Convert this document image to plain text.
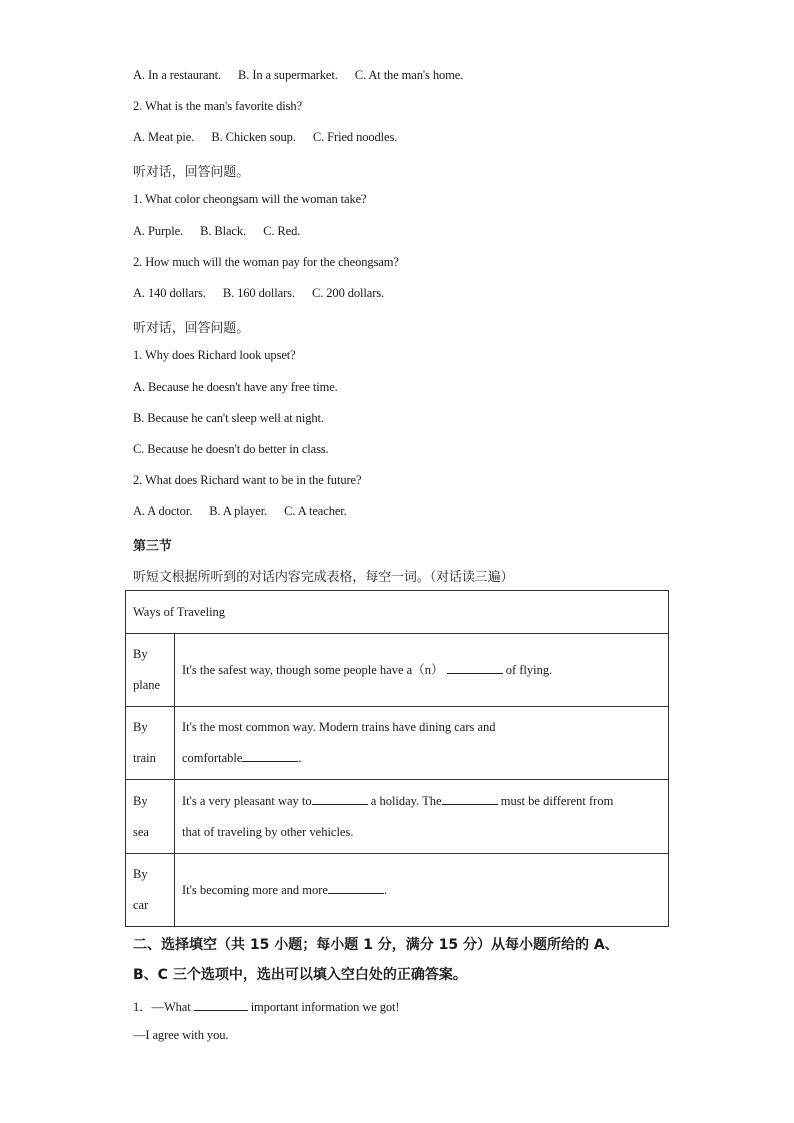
A. In a restaurant. B. In a supermarket. C. At the man's home.
2. What is the man's favorite dish?
A. Meat pie. B. Chicken soup. C. Fried noodles.
听对话，回答问题。
1. What color cheongsam will the woman take?
A. Purple. B. Black. C. Red.
2. How much will the woman pay for the cheongsam?
A. 140 dollars. B. 160 dollars. C. 200 dollars.
听对话，回答问题。
1. Why does Richard look upset?
A. Because he doesn't have any free time.
B. Because he can't sleep well at night.
C. Because he doesn't do better in class.
2. What does Richard want to be in the future?
A. A doctor. B. A player. C. A teacher.
第三节
听短文根据所听到的对话内容完成表格，每空一词。（对话读三遍）
Ways of Traveling	
By
plane	It's the safest way, though some people have a（n） of flying.
By
train	It's the most common way. Modern trains have dining cars and
comfortable .
By
sea	It's a very pleasant way to a holiday. The must be different from
that of traveling by other vehicles.
By
car	It's becoming more and more .
二、选择填空（共 15 小题；每小题 1 分，满分 15 分）从每小题所给的 A、
B、C 三个选项中，选出可以填入空白处的正确答案。
1．—What	important information we got!
—I agree with you.
